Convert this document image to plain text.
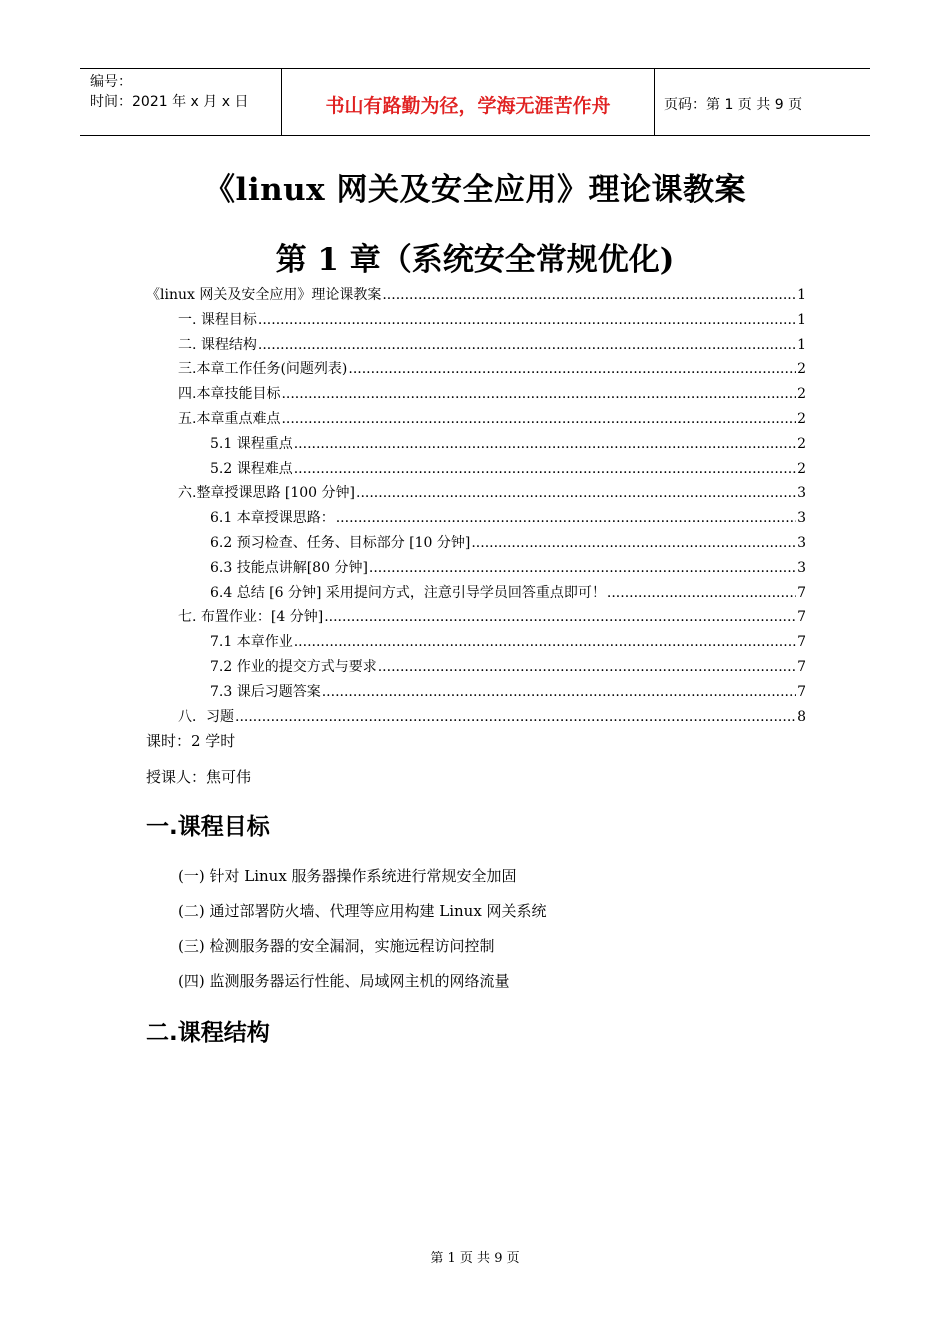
编号：
时间：2021 年 x 月 x 日	书山有路勤为径，学海无涯苦作舟	页码：第 1 页 共 9 页
《linux 网关及安全应用》理论课教案
第 1 章（系统安全常规优化)
《linux 网关及安全应用》理论课教案 .....	1
一. 课程目标 .....	1
二. 课程结构 .....	1
三.本章工作任务(问题列表) .....	2
四.本章技能目标 .....	2
五.本章重点难点 .....	2
5.1 课程重点 .....	2
5.2 课程难点 .....	2
六.整章授课思路 [100 分钟] .....	3
6.1 本章授课思路： .....	3
6.2 预习检查、任务、目标部分 [10 分钟] .....	3
6.3 技能点讲解[80 分钟] .....	3
6.4 总结 [6 分钟] 采用提问方式，注意引导学员回答重点即可！ .....	7
七. 布置作业：[4 分钟] .....	7
7.1 本章作业 .....	7
7.2 作业的提交方式与要求 .....	7
7.3 课后习题答案 .....	7
八．习题 .....	8
课时：2 学时
授课人：焦可伟
一.课程目标
(一) 针对 Linux 服务器操作系统进行常规安全加固
(二) 通过部署防火墙、代理等应用构建 Linux 网关系统
(三) 检测服务器的安全漏洞，实施远程访问控制
(四) 监测服务器运行性能、局域网主机的网络流量
二.课程结构
第 1 页 共 9 页
